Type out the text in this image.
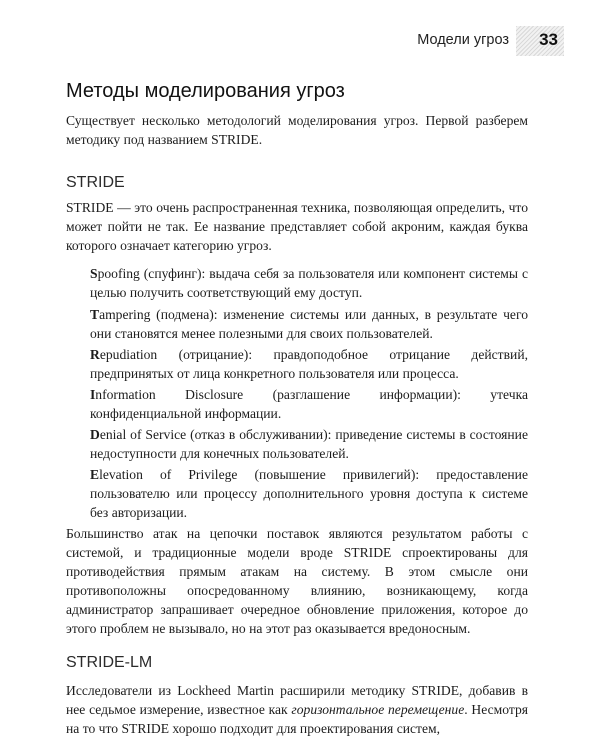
Модели угроз 33
Методы моделирования угроз

Существует несколько методологий моделирования угроз. Первой разберем методику под названием STRIDE.

STRIDE

STRIDE — это очень распространенная техника, позволяющая определить, что может пойти не так. Ее название представляет собой акроним, каждая буква которого означает категорию угроз.

Spoofing (спуфинг): выдача себя за пользователя или компонент системы с целью получить соответствующий ему доступ.

Tampering (подмена): изменение системы или данных, в результате чего они становятся менее полезными для своих пользователей.

Repudiation (отрицание): правдоподобное отрицание действий, предпринятых от лица конкретного пользователя или процесса.

Information Disclosure (разглашение информации): утечка конфиденциальной информации.

Denial of Service (отказ в обслуживании): приведение системы в состояние недоступности для конечных пользователей.

Elevation of Privilege (повышение привилегий): предоставление пользователю или процессу дополнительного уровня доступа к системе без авторизации.

Большинство атак на цепочки поставок являются результатом работы с системой, и традиционные модели вроде STRIDE спроектированы для противодействия прямым атакам на систему. В этом смысле они противоположны опосредованному влиянию, возникающему, когда администратор запрашивает очередное обновление приложения, которое до этого проблем не вызывало, но на этот раз оказывается вредоносным.

STRIDE-LM

Исследователи из Lockheed Martin расширили методику STRIDE, добавив в нее седьмое измерение, известное как горизонтальное перемещение. Несмотря на то что STRIDE хорошо подходит для проектирования систем,
